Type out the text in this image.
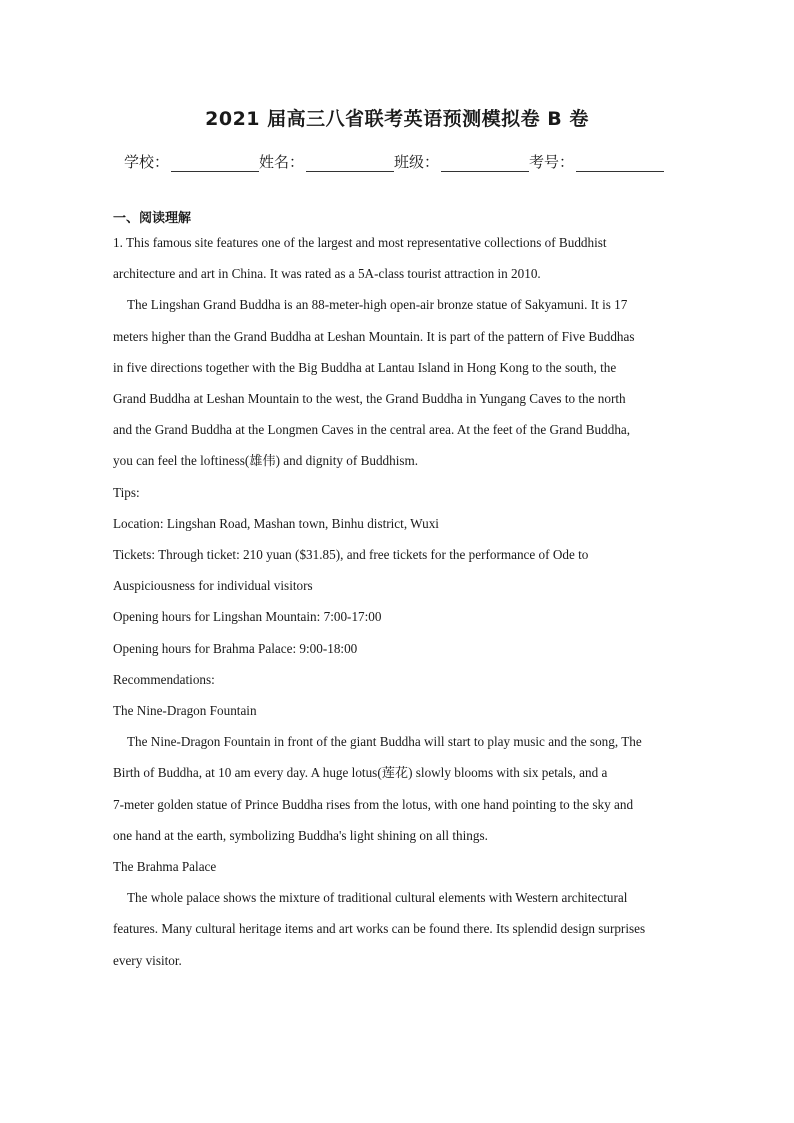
2021 届高三八省联考英语预测模拟卷 B 卷
学校：	姓名：	班级：	考号：
一、阅读理解
1. This famous site features one of the largest and most representative collections of Buddhist
architecture and art in China. It was rated as a 5A-class tourist attraction in 2010.
The Lingshan Grand Buddha is an 88-meter-high open-air bronze statue of Sakyamuni. It is 17
meters higher than the Grand Buddha at Leshan Mountain. It is part of the pattern of Five Buddhas
in five directions together with the Big Buddha at Lantau Island in Hong Kong to the south, the
Grand Buddha at Leshan Mountain to the west, the Grand Buddha in Yungang Caves to the north
and the Grand Buddha at the Longmen Caves in the central area. At the feet of the Grand Buddha,
you can feel the loftiness(雄伟) and dignity of Buddhism.
Tips:
Location: Lingshan Road, Mashan town, Binhu district, Wuxi
Tickets: Through ticket: 210 yuan ($31.85), and free tickets for the performance of Ode to
Auspiciousness for individual visitors
Opening hours for Lingshan Mountain: 7:00-17:00
Opening hours for Brahma Palace: 9:00-18:00
Recommendations:
The Nine-Dragon Fountain
The Nine-Dragon Fountain in front of the giant Buddha will start to play music and the song, The
Birth of Buddha, at 10 am every day. A huge lotus(莲花) slowly blooms with six petals, and a
7-meter golden statue of Prince Buddha rises from the lotus, with one hand pointing to the sky and
one hand at the earth, symbolizing Buddha's light shining on all things.
The Brahma Palace
The whole palace shows the mixture of traditional cultural elements with Western architectural
features. Many cultural heritage items and art works can be found there. Its splendid design surprises
every visitor.
